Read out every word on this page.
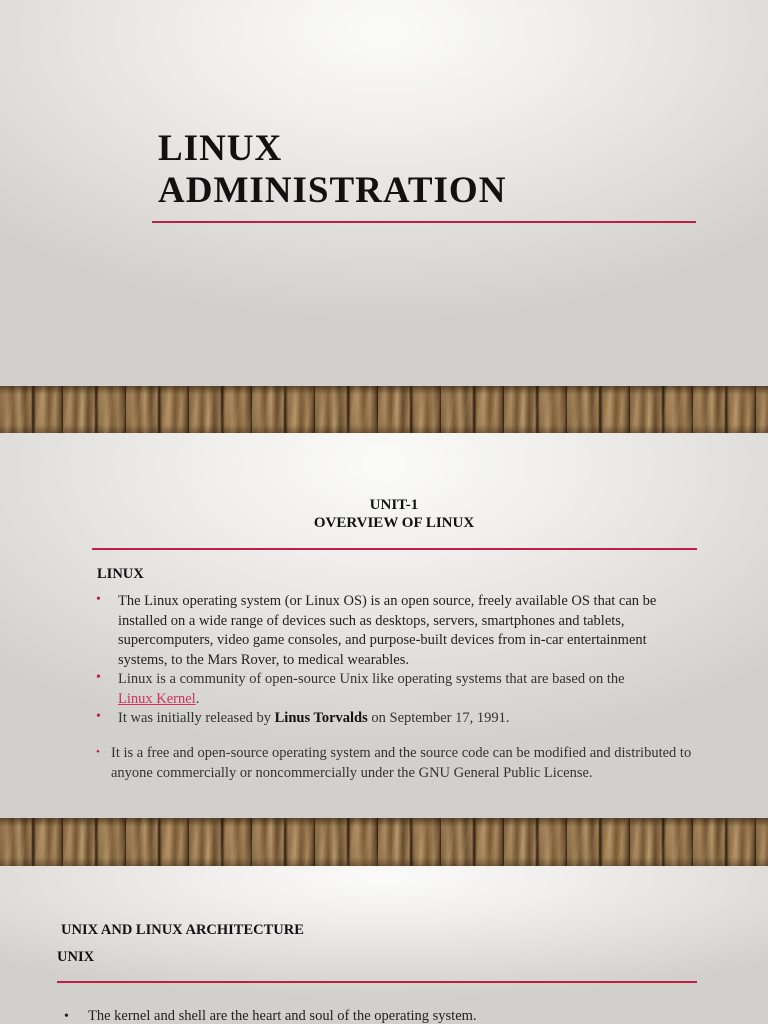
LINUX
ADMINISTRATION
UNIT-1
OVERVIEW OF LINUX
LINUX
• The Linux operating system (or Linux OS) is an open source, freely available OS that can be installed on a wide range of devices such as desktops, servers, smartphones and tablets, supercomputers, video game consoles, and purpose-built devices from in-car entertainment systems, to the Mars Rover, to medical wearables.
• Linux is a community of open-source Unix like operating systems that are based on the
Linux Kernel.
• It was initially released by Linus Torvalds on September 17, 1991.
• It is a free and open-source operating system and the source code can be modified and distributed to anyone commercially or noncommercially under the GNU General Public License.
UNIX AND LINUX ARCHITECTURE
UNIX
• The kernel and shell are the heart and soul of the operating system.
